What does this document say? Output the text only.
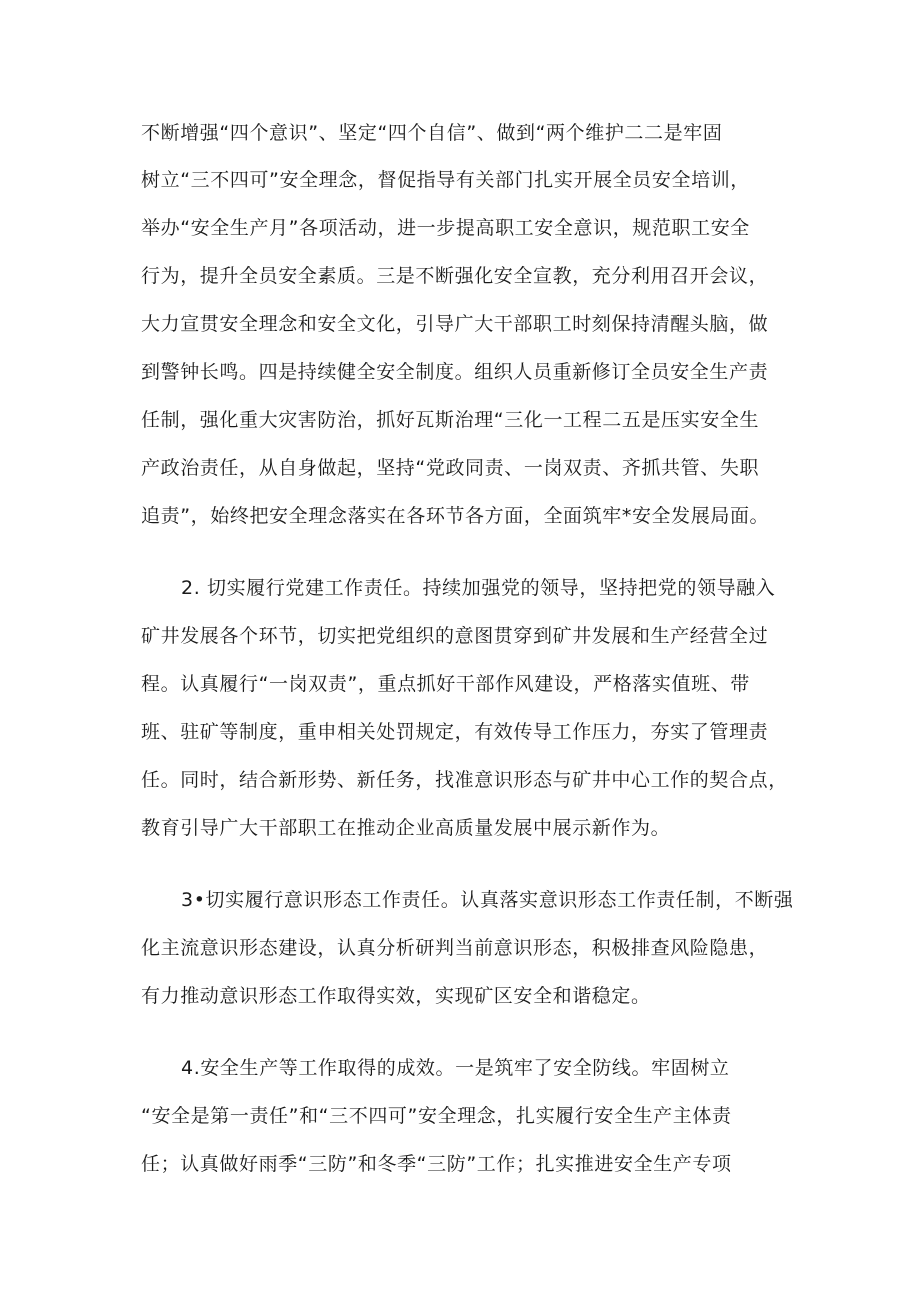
不断增强“四个意识”、坚定“四个自信”、做到“两个维护二二是牢固

树立“三不四可”安全理念，督促指导有关部门扎实开展全员安全培训，

举办“安全生产月”各项活动，进一步提高职工安全意识，规范职工安全

行为，提升全员安全素质。三是不断强化安全宣教，充分利用召开会议，

大力宣贯安全理念和安全文化，引导广大干部职工时刻保持清醒头脑，做

到警钟长鸣。四是持续健全安全制度。组织人员重新修订全员安全生产责

任制，强化重大灾害防治，抓好瓦斯治理“三化一工程二五是压实安全生

产政治责任，从自身做起，坚持“党政同责、一岗双责、齐抓共管、失职

追责”，始终把安全理念落实在各环节各方面，全面筑牢*安全发展局面。

2. 切实履行党建工作责任。持续加强党的领导，坚持把党的领导融入

矿井发展各个环节，切实把党组织的意图贯穿到矿井发展和生产经营全过

程。认真履行“一岗双责”，重点抓好干部作风建设，严格落实值班、带

班、驻矿等制度，重申相关处罚规定，有效传导工作压力，夯实了管理责

任。同时，结合新形势、新任务，找准意识形态与矿井中心工作的契合点，

教育引导广大干部职工在推动企业高质量发展中展示新作为。

3•切实履行意识形态工作责任。认真落实意识形态工作责任制，不断强

化主流意识形态建设，认真分析研判当前意识形态，积极排查风险隐患，

有力推动意识形态工作取得实效，实现矿区安全和谐稳定。

4.安全生产等工作取得的成效。一是筑牢了安全防线。牢固树立

“安全是第一责任”和“三不四可”安全理念，扎实履行安全生产主体责

任；认真做好雨季“三防”和冬季“三防”工作；扎实推进安全生产专项
